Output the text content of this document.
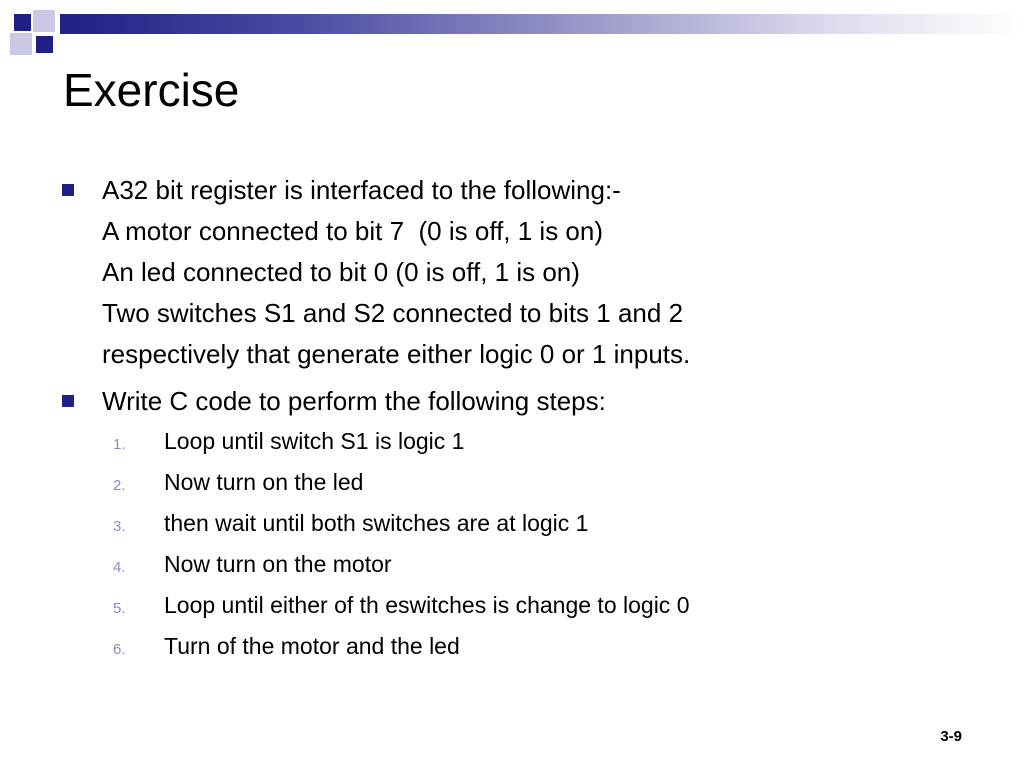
Exercise
A32 bit register is interfaced to the following:-
A motor connected to bit 7  (0 is off, 1 is on)
An led connected to bit 0 (0 is off, 1 is on)
Two switches S1 and S2 connected to bits 1 and 2
respectively that generate either logic 0 or 1 inputs.
Write C code to perform the following steps:
1.	Loop until switch S1 is logic 1
2.	Now turn on the led
3.	then wait until both switches are at logic 1
4.	Now turn on the motor
5.	Loop until either of th eswitches is change to logic 0
6.	Turn of the motor and the led
3-9
